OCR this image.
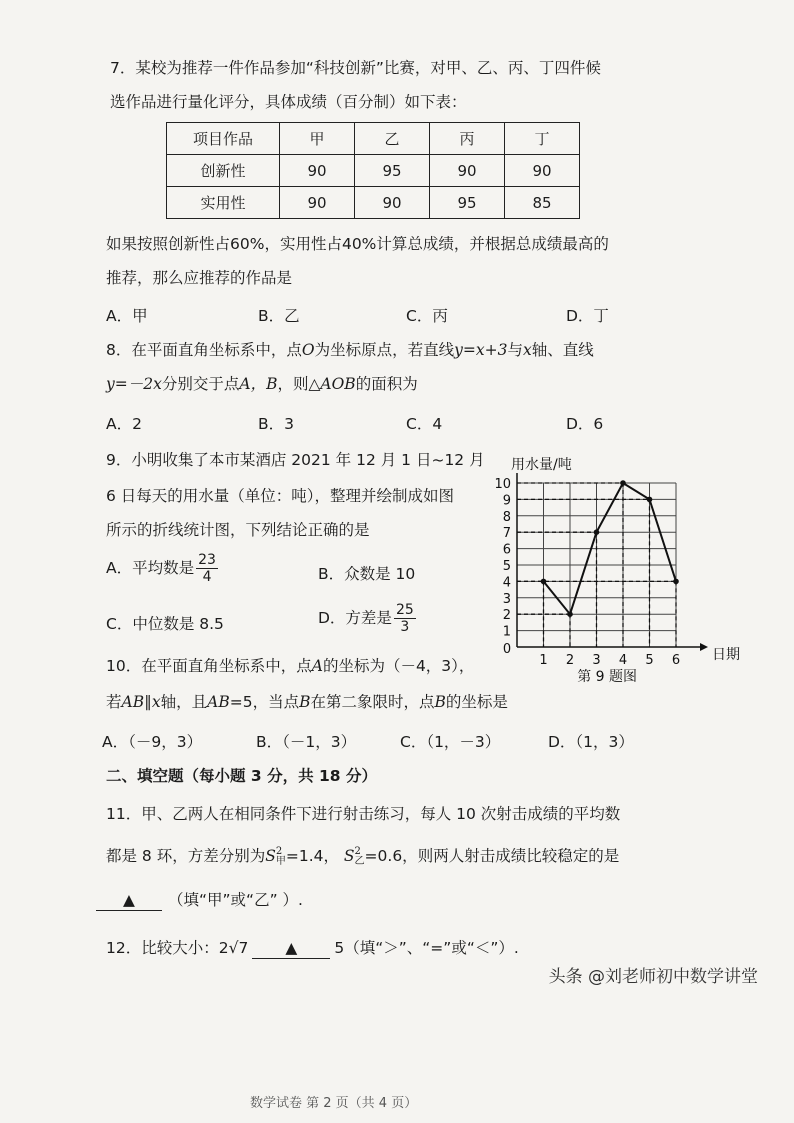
7．某校为推荐一件作品参加“科技创新”比赛，对甲、乙、丙、丁四件候
选作品进行量化评分，具体成绩（百分制）如下表：
项目作品	甲	乙	丙	丁
创新性	90	95	90	90
实用性	90	90	95	85
如果按照创新性占60%，实用性占40%计算总成绩，并根据总成绩最高的
推荐，那么应推荐的作品是
A．甲	B．乙	C．丙	D．丁
8．在平面直角坐标系中，点O为坐标原点，若直线y=x+3与x轴、直线
y=－2x分别交于点A，B，则△AOB的面积为
A．2	B．3	C．4	D．6
9．小明收集了本市某酒店 2021 年 12 月 1 日~12 月
6 日每天的用水量（单位：吨），整理并绘制成如图
所示的折线统计图，下列结论正确的是
A．平均数是 $\frac{23}{4}$	B．众数是 10
C．中位数是 8.5	D．方差是 $\frac{25}{3}$	1
2
3
4
5
6
7
8
9
10
0
1 2 3 4 5 6
用水量/吨
日期
第 9 题图
10．在平面直角坐标系中，点A的坐标为（－4，3），
若AB∥x轴，且AB=5，当点B在第二象限时，点B的坐标是
A．（－9，3）	B．（－1，3）	C．（1，－3）	D．（1，3）
二、填空题（每小题 3 分，共 18 分）
11．甲、乙两人在相同条件下进行射击练习，每人 10 次射击成绩的平均数
都是 8 环，方差分别为S 2
甲 =1.4， S 2
乙 =0.6，则两人射击成绩比较稳定的是
▲ （填“甲”或“乙” ）.
12．比较大小：2√7 ▲ 5（填“＞”、“=”或“＜”）.
头条 @刘老师初中数学讲堂
数学试卷 第 2 页（共 4 页）
